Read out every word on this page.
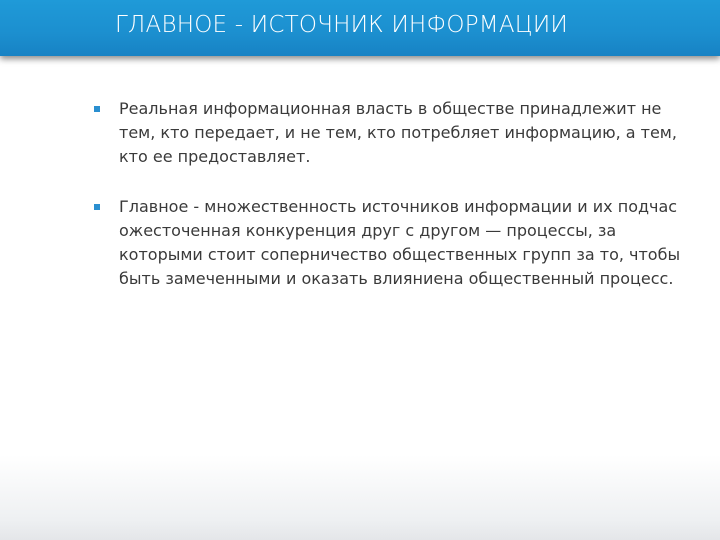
ГЛАВНОЕ - ИСТОЧНИК ИНФОРМАЦИИ
Реальная информационная власть в обществе принадлежит не тем, кто передает, и не тем, кто потребляет информацию, а тем, кто ее предоставляет.
Главное - множественность источников информации и их подчас ожесточенная конкуренция друг с другом — процессы, за которыми стоит соперничество общественных групп за то, чтобы быть замеченными и оказать влияниена общественный процесс.
